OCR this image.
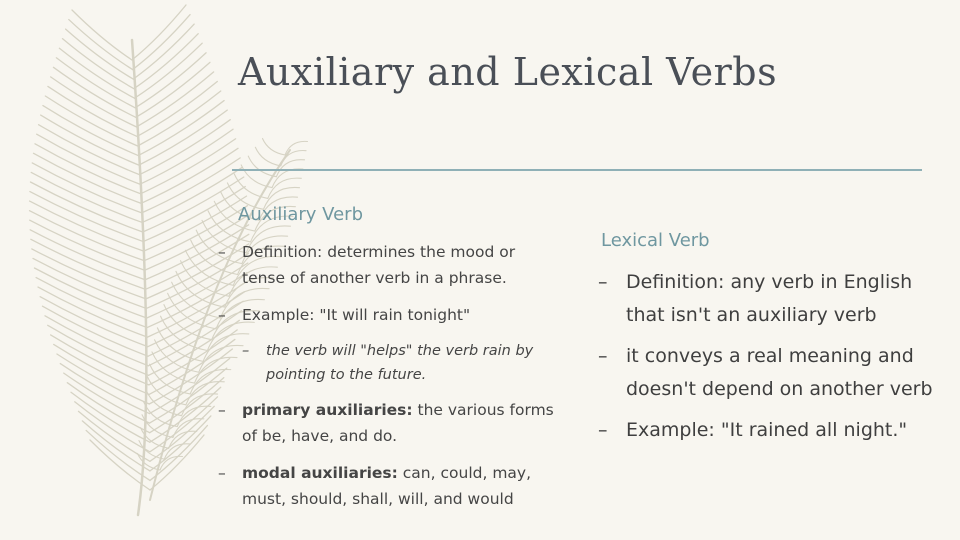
Auxiliary and Lexical Verbs
Auxiliary Verb
– Definition: determines the mood or tense of another verb in a phrase.
– Example: "It will rain tonight"
– the verb will "helps" the verb rain by pointing to the future.
– primary auxiliaries: the various forms of be, have, and do.
– modal auxiliaries: can, could, may, must, should, shall, will, and would
Lexical Verb
– Definition: any verb in English that isn't an auxiliary verb
– it conveys a real meaning and doesn't depend on another verb
– Example: "It rained all night."
